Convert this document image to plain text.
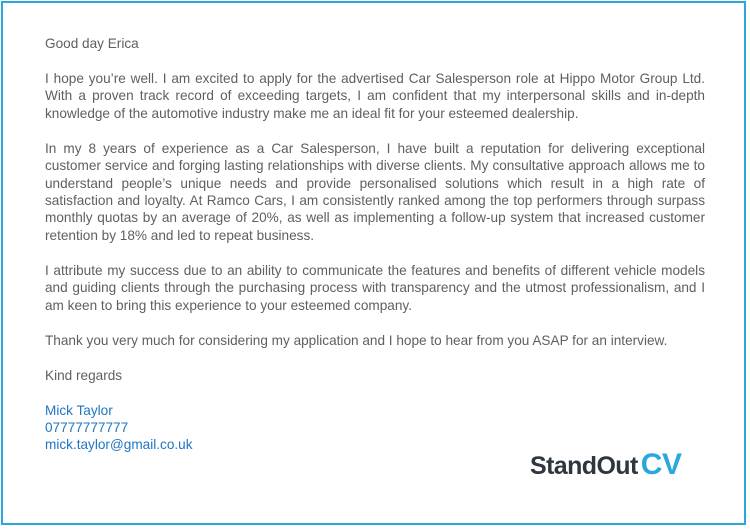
Good day Erica

I hope you’re well. I am excited to apply for the advertised Car Salesperson role at Hippo Motor Group Ltd. With a proven track record of exceeding targets, I am confident that my interpersonal skills and in-depth knowledge of the automotive industry make me an ideal fit for your esteemed dealership.

In my 8 years of experience as a Car Salesperson, I have built a reputation for delivering exceptional customer service and forging lasting relationships with diverse clients. My consultative approach allows me to understand people’s unique needs and provide personalised solutions which result in a high rate of satisfaction and loyalty. At Ramco Cars, I am consistently ranked among the top performers through surpass monthly quotas by an average of 20%, as well as implementing a follow-up system that increased customer retention by 18% and led to repeat business.

I attribute my success due to an ability to communicate the features and benefits of different vehicle models and guiding clients through the purchasing process with transparency and the utmost professionalism, and I am keen to bring this experience to your esteemed company.

Thank you very much for considering my application and I hope to hear from you ASAP for an interview.

Kind regards

Mick Taylor
07777777777
mick.taylor@gmail.co.uk
StandOut CV
